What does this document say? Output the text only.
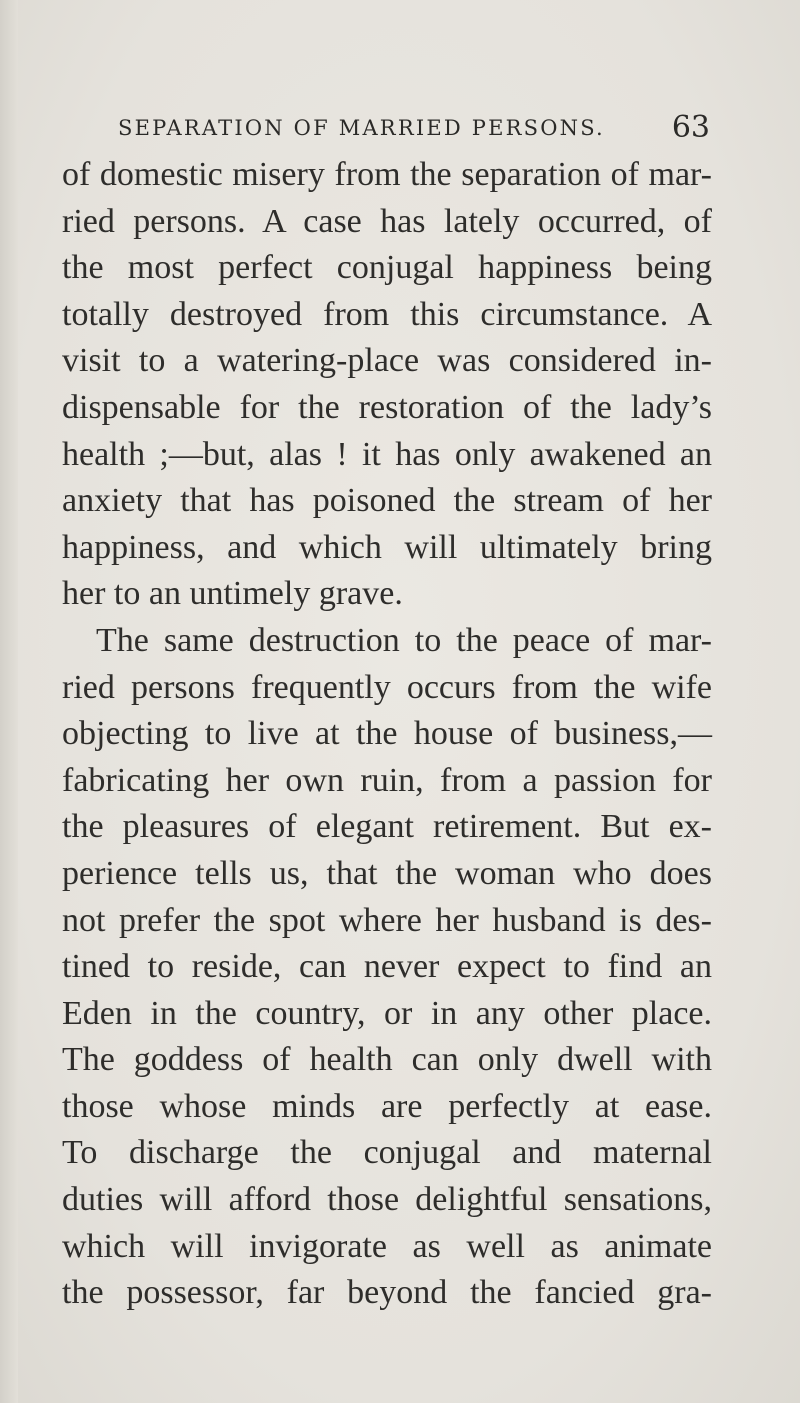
SEPARATION OF MARRIED PERSONS. 63
of domestic misery from the separation of mar-
ried persons. A case has lately occurred, of
the most perfect conjugal happiness being
totally destroyed from this circumstance. A
visit to a watering-place was considered in-
dispensable for the restoration of the lady’s
health ;—but, alas ! it has only awakened an
anxiety that has poisoned the stream of her
happiness, and which will ultimately bring
her to an untimely grave.
The same destruction to the peace of mar-
ried persons frequently occurs from the wife
objecting to live at the house of business,—
fabricating her own ruin, from a passion for
the pleasures of elegant retirement. But ex-
perience tells us, that the woman who does
not prefer the spot where her husband is des-
tined to reside, can never expect to find an
Eden in the country, or in any other place.
The goddess of health can only dwell with
those whose minds are perfectly at ease.
To discharge the conjugal and maternal
duties will afford those delightful sensations,
which will invigorate as well as animate
the possessor, far beyond the fancied gra-
